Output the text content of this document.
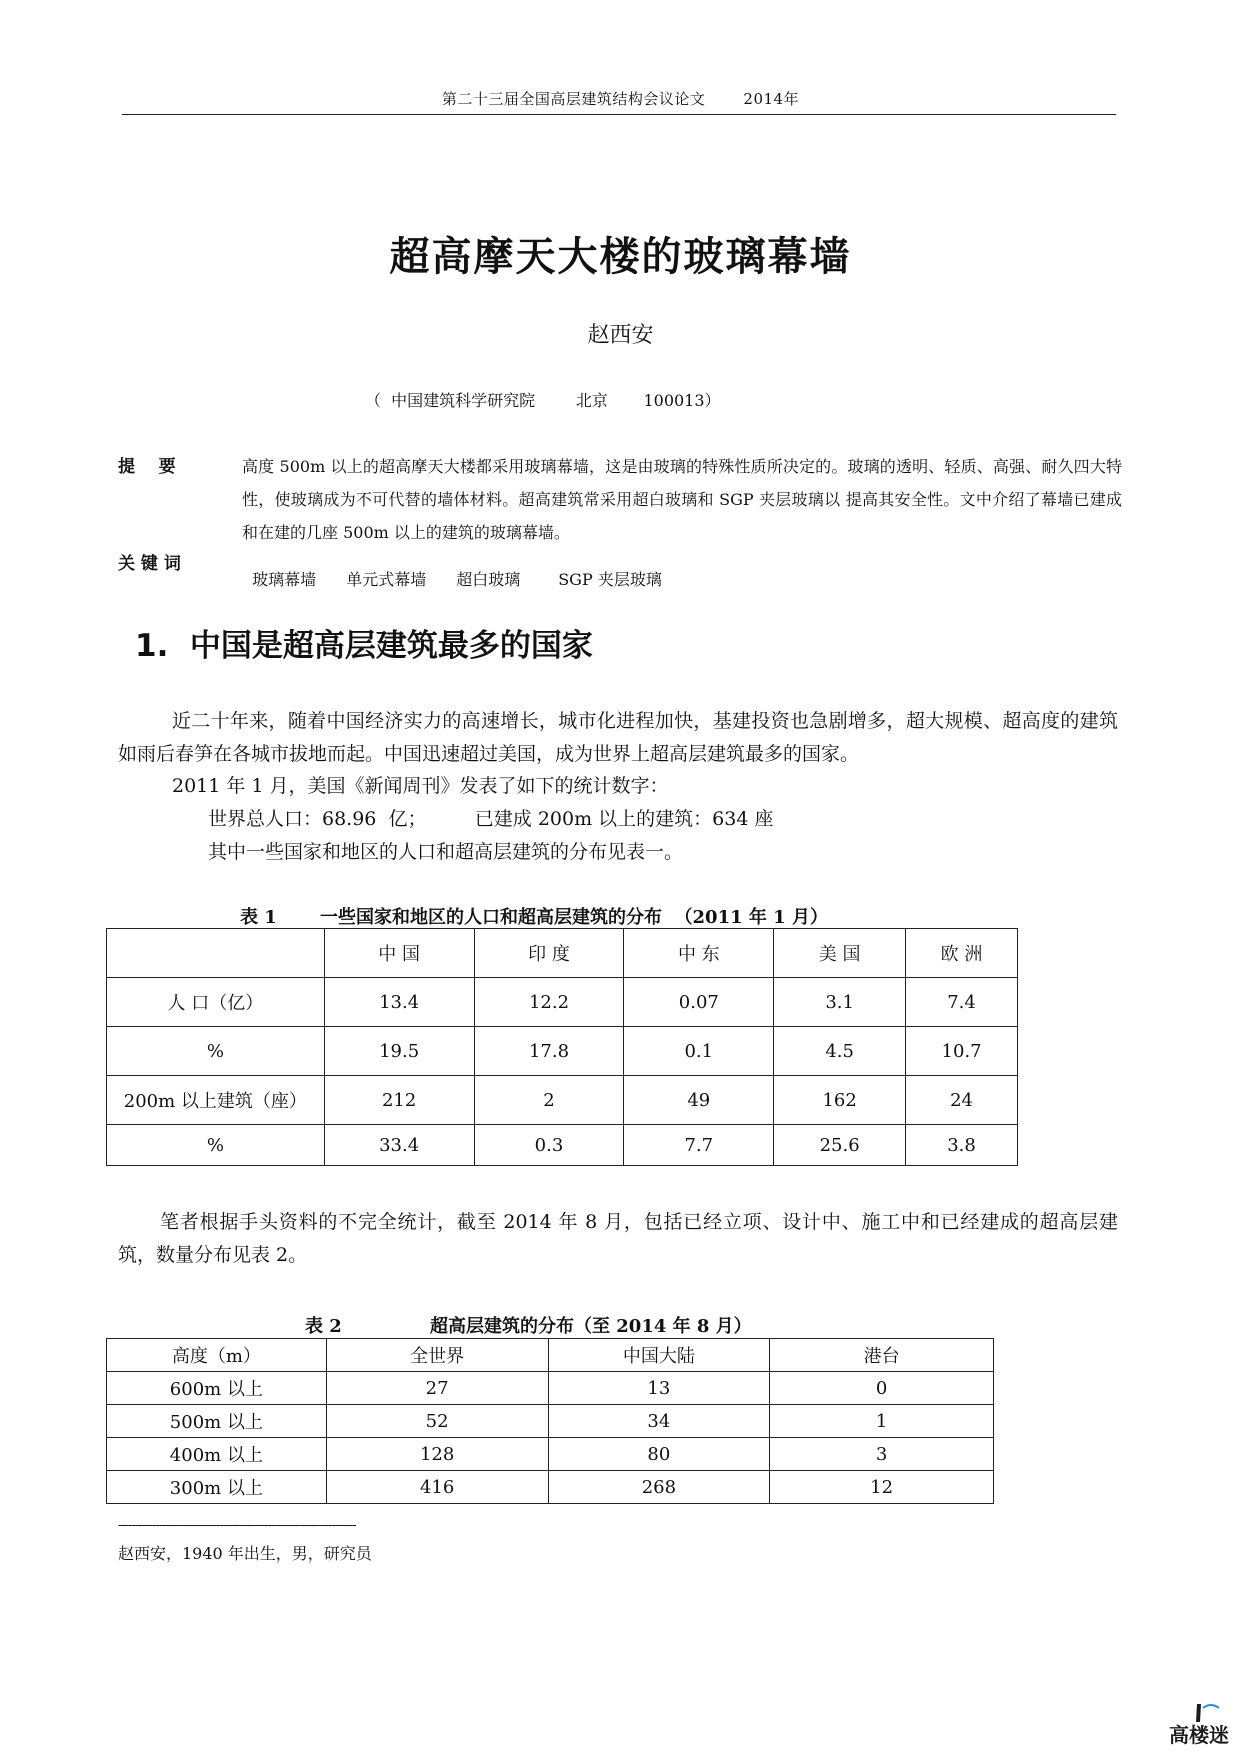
第二十三届全国高层建筑结构会议论文	2014年
超高摩天大楼的玻璃幕墙
赵西安
（  中国建筑科学研究院        北京       100013）
提    要	高度 500m 以上的超高摩天大楼都采用玻璃幕墙，这是由玻璃的特殊性质所决定的。玻璃的透明、轻质、高强、耐久四大特性，使玻璃成为不可代替的墙体材料。超高建筑常采用超白玻璃和 SGP 夹层玻璃以 提高其安全性。文中介绍了幕墙已建成和在建的几座 500m 以上的建筑的玻璃幕墙。
关 键 词

玻璃幕墙 单元式幕墙 超白玻璃 SGP 夹层玻璃

1.  中国是超高层建筑最多的国家
近二十年来，随着中国经济实力的高速增长，城市化进程加快，基建投资也急剧增多，超大规模、超高度的建筑如雨后春笋在各城市拔地而起。中国迅速超过美国，成为世界上超高层建筑最多的国家。
2011 年 1 月，美国《新闻周刊》发表了如下的统计数字：
世界总人口：68.96  亿；        已建成 200m 以上的建筑：634 座
其中一些国家和地区的人口和超高层建筑的分布见表一。
表 1 一些国家和地区的人口和超高层建筑的分布  （2011 年 1 月）
	中 国	印 度	中 东	美 国	欧 洲
人 口（亿）	13.4	12.2	0.07	3.1	7.4
%	19.5	17.8	0.1	4.5	10.7
200m 以上建筑（座）	212	2	49	162	24
%	33.4	0.3	7.7	25.6	3.8
笔者根据手头资料的不完全统计，截至 2014 年 8 月，包括已经立项、设计中、施工中和已经建成的超高层建筑，数量分布见表 2。
表 2	超高层建筑的分布（至 2014 年 8 月）
高度（m）	全世界	中国大陆	港台
600m 以上	27	13	0
500m 以上	52	34	1
400m 以上	128	80	3
300m 以上	416	268	12
----------------------------------------------------------------------
赵西安，1940 年出生，男，研究员
高楼迷
